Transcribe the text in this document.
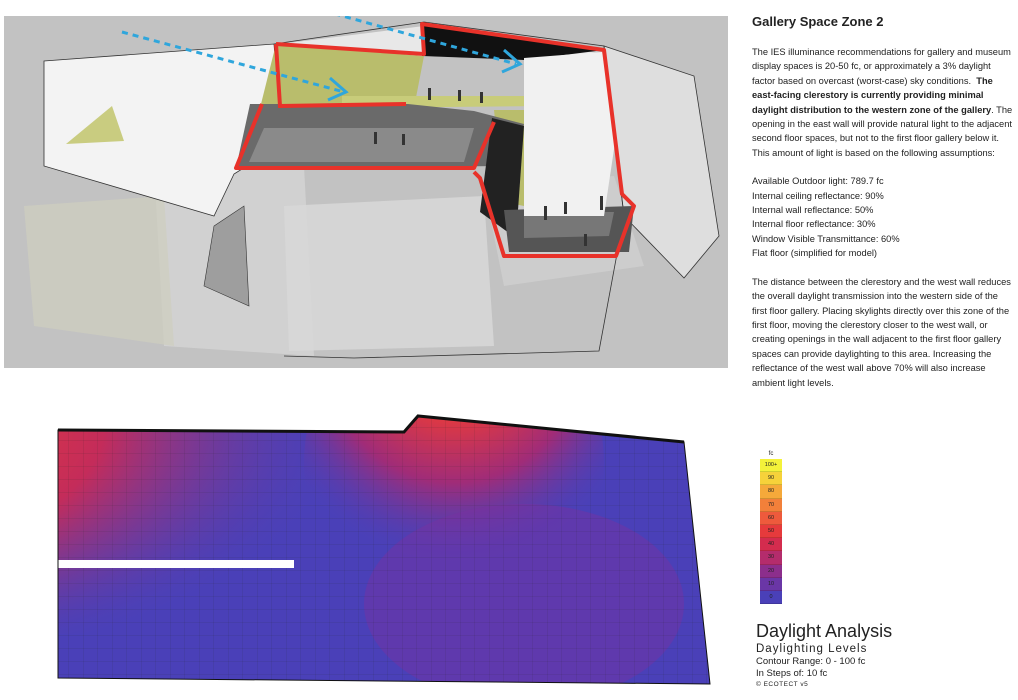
Gallery Space Zone 2
The IES illuminance recommendations for gallery and museum display spaces is 20-50 fc, or approximately a 3% daylight factor based on overcast (worst-case) sky conditions. The east-facing clerestory is currently providing minimal daylight distribution to the western zone of the gallery. The opening in the east wall will provide natural light to the adjacent second floor spaces, but not to the first floor gallery below it. This amount of light is based on the following assumptions:
Available Outdoor light: 789.7 fc
Internal ceiling reflectance: 90%
Internal wall reflectance: 50%
Internal floor reflectance: 30%
Window Visible Transmittance: 60%
Flat floor (simplified for model)
The distance between the clerestory and the west wall reduces the overall daylight transmission into the western side of the first floor gallery. Placing skylights directly over this zone of the first floor, moving the clerestory closer to the west wall, or creating openings in the wall adjacent to the first floor gallery spaces can provide daylighting to this area. Increasing the reflectance of the west wall above 70% will also increase ambient light levels.
fc
100+
90
80
70
60
50
40
30
20
10
0
Daylight Analysis
Daylighting Levels
Contour Range: 0 - 100 fc
In Steps of: 10 fc
© ECOTECT v5
